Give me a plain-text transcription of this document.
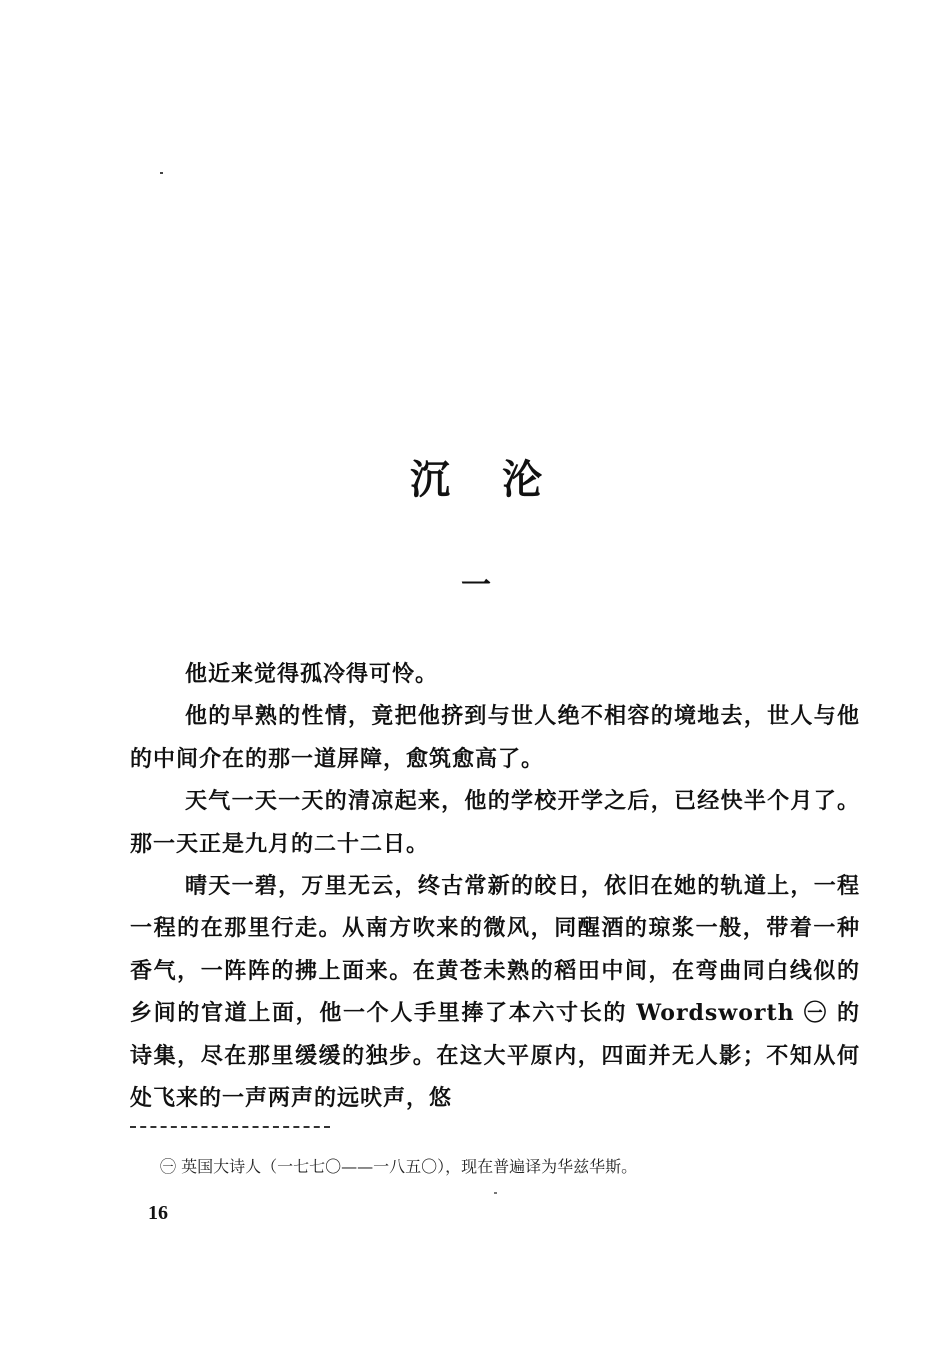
沉沦
一

他近来觉得孤冷得可怜。

他的早熟的性情，竟把他挤到与世人绝不相容的境地去，世人与他的中间介在的那一道屏障，愈筑愈高了。

天气一天一天的清凉起来，他的学校开学之后，已经快半个月了。那一天正是九月的二十二日。

晴天一碧，万里无云，终古常新的皎日，依旧在她的轨道上，一程一程的在那里行走。从南方吹来的微风，同醒酒的琼浆一般，带着一种香气，一阵阵的拂上面来。在黄苍未熟的稻田中间，在弯曲同白线似的乡间的官道上面，他一个人手里捧了本六寸长的 Wordsworth ㊀ 的诗集，尽在那里缓缓的独步。在这大平原内，四面并无人影；不知从何处飞来的一声两声的远吠声，悠

㊀ 英国大诗人（一七七〇——一八五〇），现在普遍译为华兹华斯。
16
